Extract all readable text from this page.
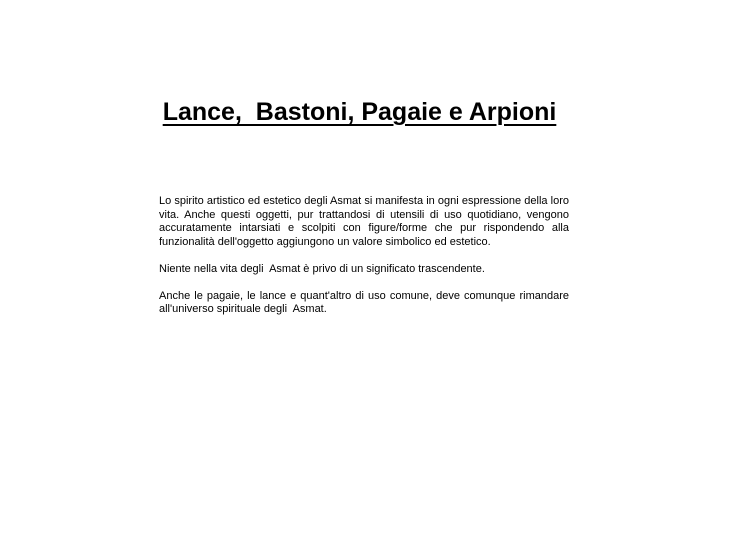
Lance,  Bastoni, Pagaie e Arpioni

Lo spirito artistico ed estetico degli Asmat si manifesta in ogni espressione della loro vita. Anche questi oggetti, pur trattandosi di utensili di uso quotidiano, vengono accuratamente intarsiati e scolpiti con figure/forme che pur rispondendo alla funzionalità dell'oggetto aggiungono un valore simbolico ed estetico.

Niente nella vita degli  Asmat è privo di un significato trascendente.

Anche le pagaie, le lance e quant'altro di uso comune, deve comunque rimandare all'universo spirituale degli  Asmat.
